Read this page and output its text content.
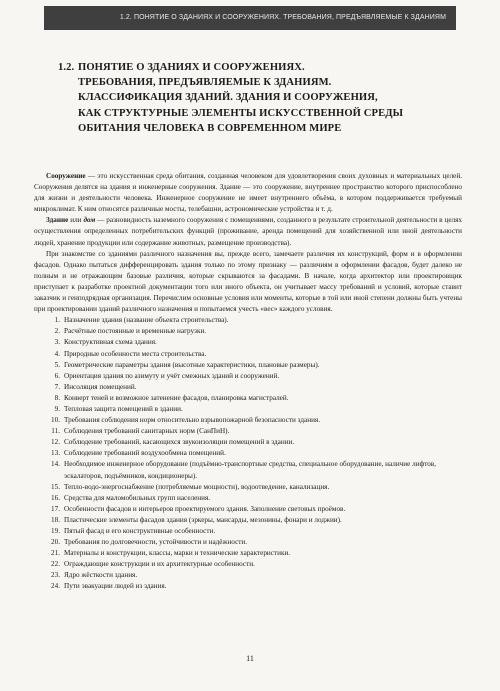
1.2. ПОНЯТИЕ О ЗДАНИЯХ И СООРУЖЕНИЯХ. ТРЕБОВАНИЯ, ПРЕДЪЯВЛЯЕМЫЕ К ЗДАНИЯМ
1.2. ПОНЯТИЕ О ЗДАНИЯХ И СООРУЖЕНИЯХ.
ТРЕБОВАНИЯ, ПРЕДЪЯВЛЯЕМЫЕ К ЗДАНИЯМ.
КЛАССИФИКАЦИЯ ЗДАНИЙ. ЗДАНИЯ И СООРУЖЕНИЯ,
КАК СТРУКТУРНЫЕ ЭЛЕМЕНТЫ ИСКУССТВЕННОЙ СРЕДЫ
ОБИТАНИЯ ЧЕЛОВЕКА В СОВРЕМЕННОМ МИРЕ

Сооружение — это искусственная среда обитания, созданная человеком для удовлетворения своих духовных и материальных целей. Сооружения делятся на здания и инженерные сооружения. Здание — это сооружение, внутреннее пространство которого приспособлено для жизни и деятельности человека. Инженерное сооружение не имеет внутреннего объёма, в котором поддерживается требуемый микроклимат. К ним относятся различные мосты, телебашни, астрономические устройства и т. д.

Здание или дом — разновидность наземного сооружения с помещениями, созданного в результате строительной деятельности в целях осуществления определенных потребительских функций (проживание, аренда помещений для хозяйственной или иной деятельности людей, хранение продукции или содержание животных, размещение производства).

При знакомстве со зданиями различного назначения вы, прежде всего, замечаете различия их конструкций, форм и в оформлении фасадов. Однако пытаться дифференцировать здания только по этому признаку — различиям в оформлении фасадов, будет далеко не полным и не отражающим базовые различия, которые скрываются за фасадами. В начале, когда архитектор или проектировщик приступает к разработке проектной документации того или иного объекта, он учитывает массу требований и условий, которые ставит заказчик и генподрядная организация. Перечислим основные условия или моменты, которые в той или иной степени должны быть учтены при проектировании зданий различного назначения и попытаемся учесть «вес» каждого условия.

1. Назначение здания (название объекта строительства).
2. Расчётные постоянные и временные нагрузки.
3. Конструктивная схема здания.
4. Природные особенности места строительства.
5. Геометрические параметры здания (высотные характеристики, плановые размеры).
6. Ориентация здания по азимуту и учёт смежных зданий и сооружений.
7. Инсоляция помещений.
8. Конверт теней и возможное затенение фасадов, планировка магистралей.
9. Тепловая защита помещений в здании.
10. Требования соблюдения норм относительно взрывопожарной безопасности здания.
11. Соблюдения требований санитарных норм (СанПиН).
12. Соблюдение требований, касающихся звукоизоляции помещений в здании.
13. Соблюдение требований воздухообмена помещений.
14. Необходимое инженерное оборудование (подъёмно-транспортные средства, специальное оборудование, наличие лифтов, эскалаторов, подъёмников, кондиционеры).
15. Тепло-водо-энергоснабжение (потребляемые мощности), водоотведение, канализация.
16. Средства для маломобильных групп населения.
17. Особенности фасадов и интерьеров проектируемого здания. Заполнение световых проёмов.
18. Пластические элементы фасадов здания (эркеры, мансарды, мезонины, фонари и лоджии).
19. Пятый фасад и его конструктивные особенности.
20. Требования по долговечности, устойчивости и надёжности.
21. Материалы и конструкции, классы, марки и технические характеристики.
22. Ограждающие конструкции и их архитектурные особенности.
23. Ядро жёсткости здания.
24. Пути эвакуации людей из здания.
11
